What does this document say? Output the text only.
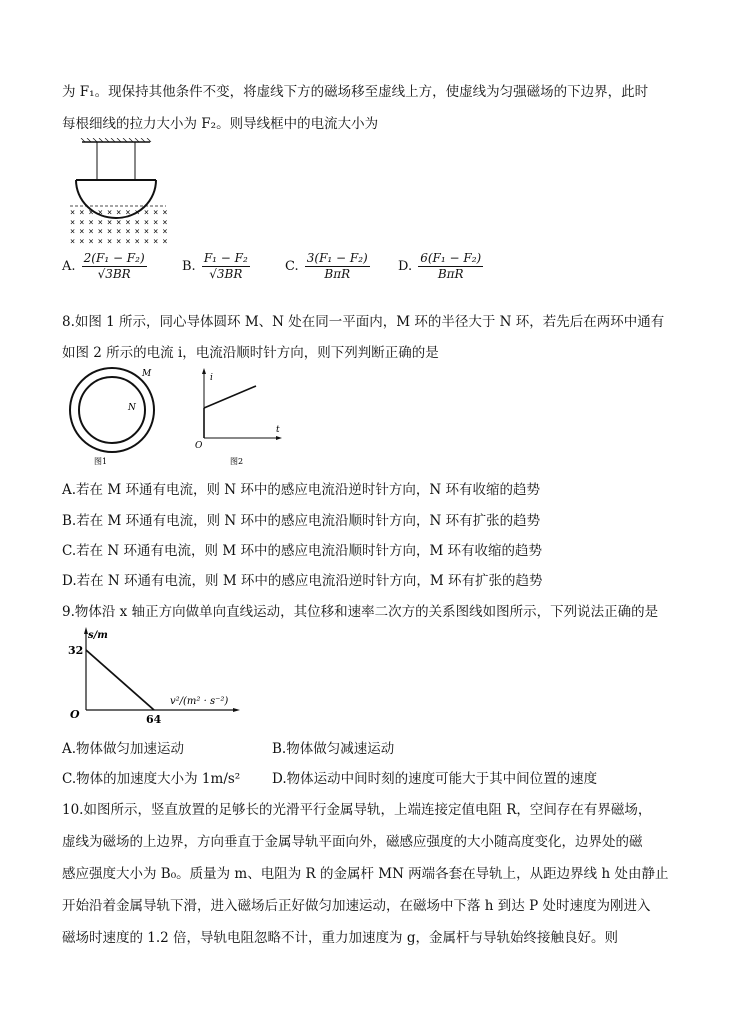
为 F₁。现保持其他条件不变，将虚线下方的磁场移至虚线上方，使虚线为匀强磁场的下边界，此时
每根细线的拉力大小为 F₂。则导线框中的电流大小为
× × × × × × × × × × ×
× × × × × × × × × × ×
× × × × × × × × × × ×
× × × × × × × × × × ×
A. $\frac{\text{2(F₁ − F₂)}}{√3BR}$	B. $\frac{\text{F₁ − F₂}}{√3BR}$	C. $\frac{\text{3(F₁ − F₂)}}{\text{BπR}} D$. $\frac{\text{6(F₁ − F₂)}}{\text{BπR}}$
8.如图 1 所示，同心导体圆环 M、N 处在同一平面内，M 环的半径大于 N 环，若先后在两环中通有
如图 2 所示的电流 i，电流沿顺时针方向，则下列判断正确的是
M
N
图1
i
t
O
图2
A.若在 M 环通有电流，则 N 环中的感应电流沿逆时针方向，N 环有收缩的趋势
B.若在 M 环通有电流，则 N 环中的感应电流沿顺时针方向，N 环有扩张的趋势
C.若在 N 环通有电流，则 M 环中的感应电流沿顺时针方向，M 环有收缩的趋势
D.若在 N 环通有电流，则 M 环中的感应电流沿逆时针方向，M 环有扩张的趋势
9.物体沿 x 轴正方向做单向直线运动，其位移和速率二次方的关系图线如图所示，下列说法正确的是
s/m
32
v²/(m² · s⁻²)
64
O
A.物体做匀加速运动	B.物体做匀减速运动
C.物体的加速度大小为 1m/s² D.物体运动中间时刻的速度可能大于其中间位置的速度
10.如图所示，竖直放置的足够长的光滑平行金属导轨，上端连接定值电阻 R，空间存在有界磁场，
虚线为磁场的上边界，方向垂直于金属导轨平面向外，磁感应强度的大小随高度变化，边界处的磁
感应强度大小为 B₀。质量为 m、电阻为 R 的金属杆 MN 两端各套在导轨上，从距边界线 h 处由静止
开始沿着金属导轨下滑，进入磁场后正好做匀加速运动，在磁场中下落 h 到达 P 处时速度为刚进入
磁场时速度的 1.2 倍，导轨电阻忽略不计，重力加速度为 g，金属杆与导轨始终接触良好。则
